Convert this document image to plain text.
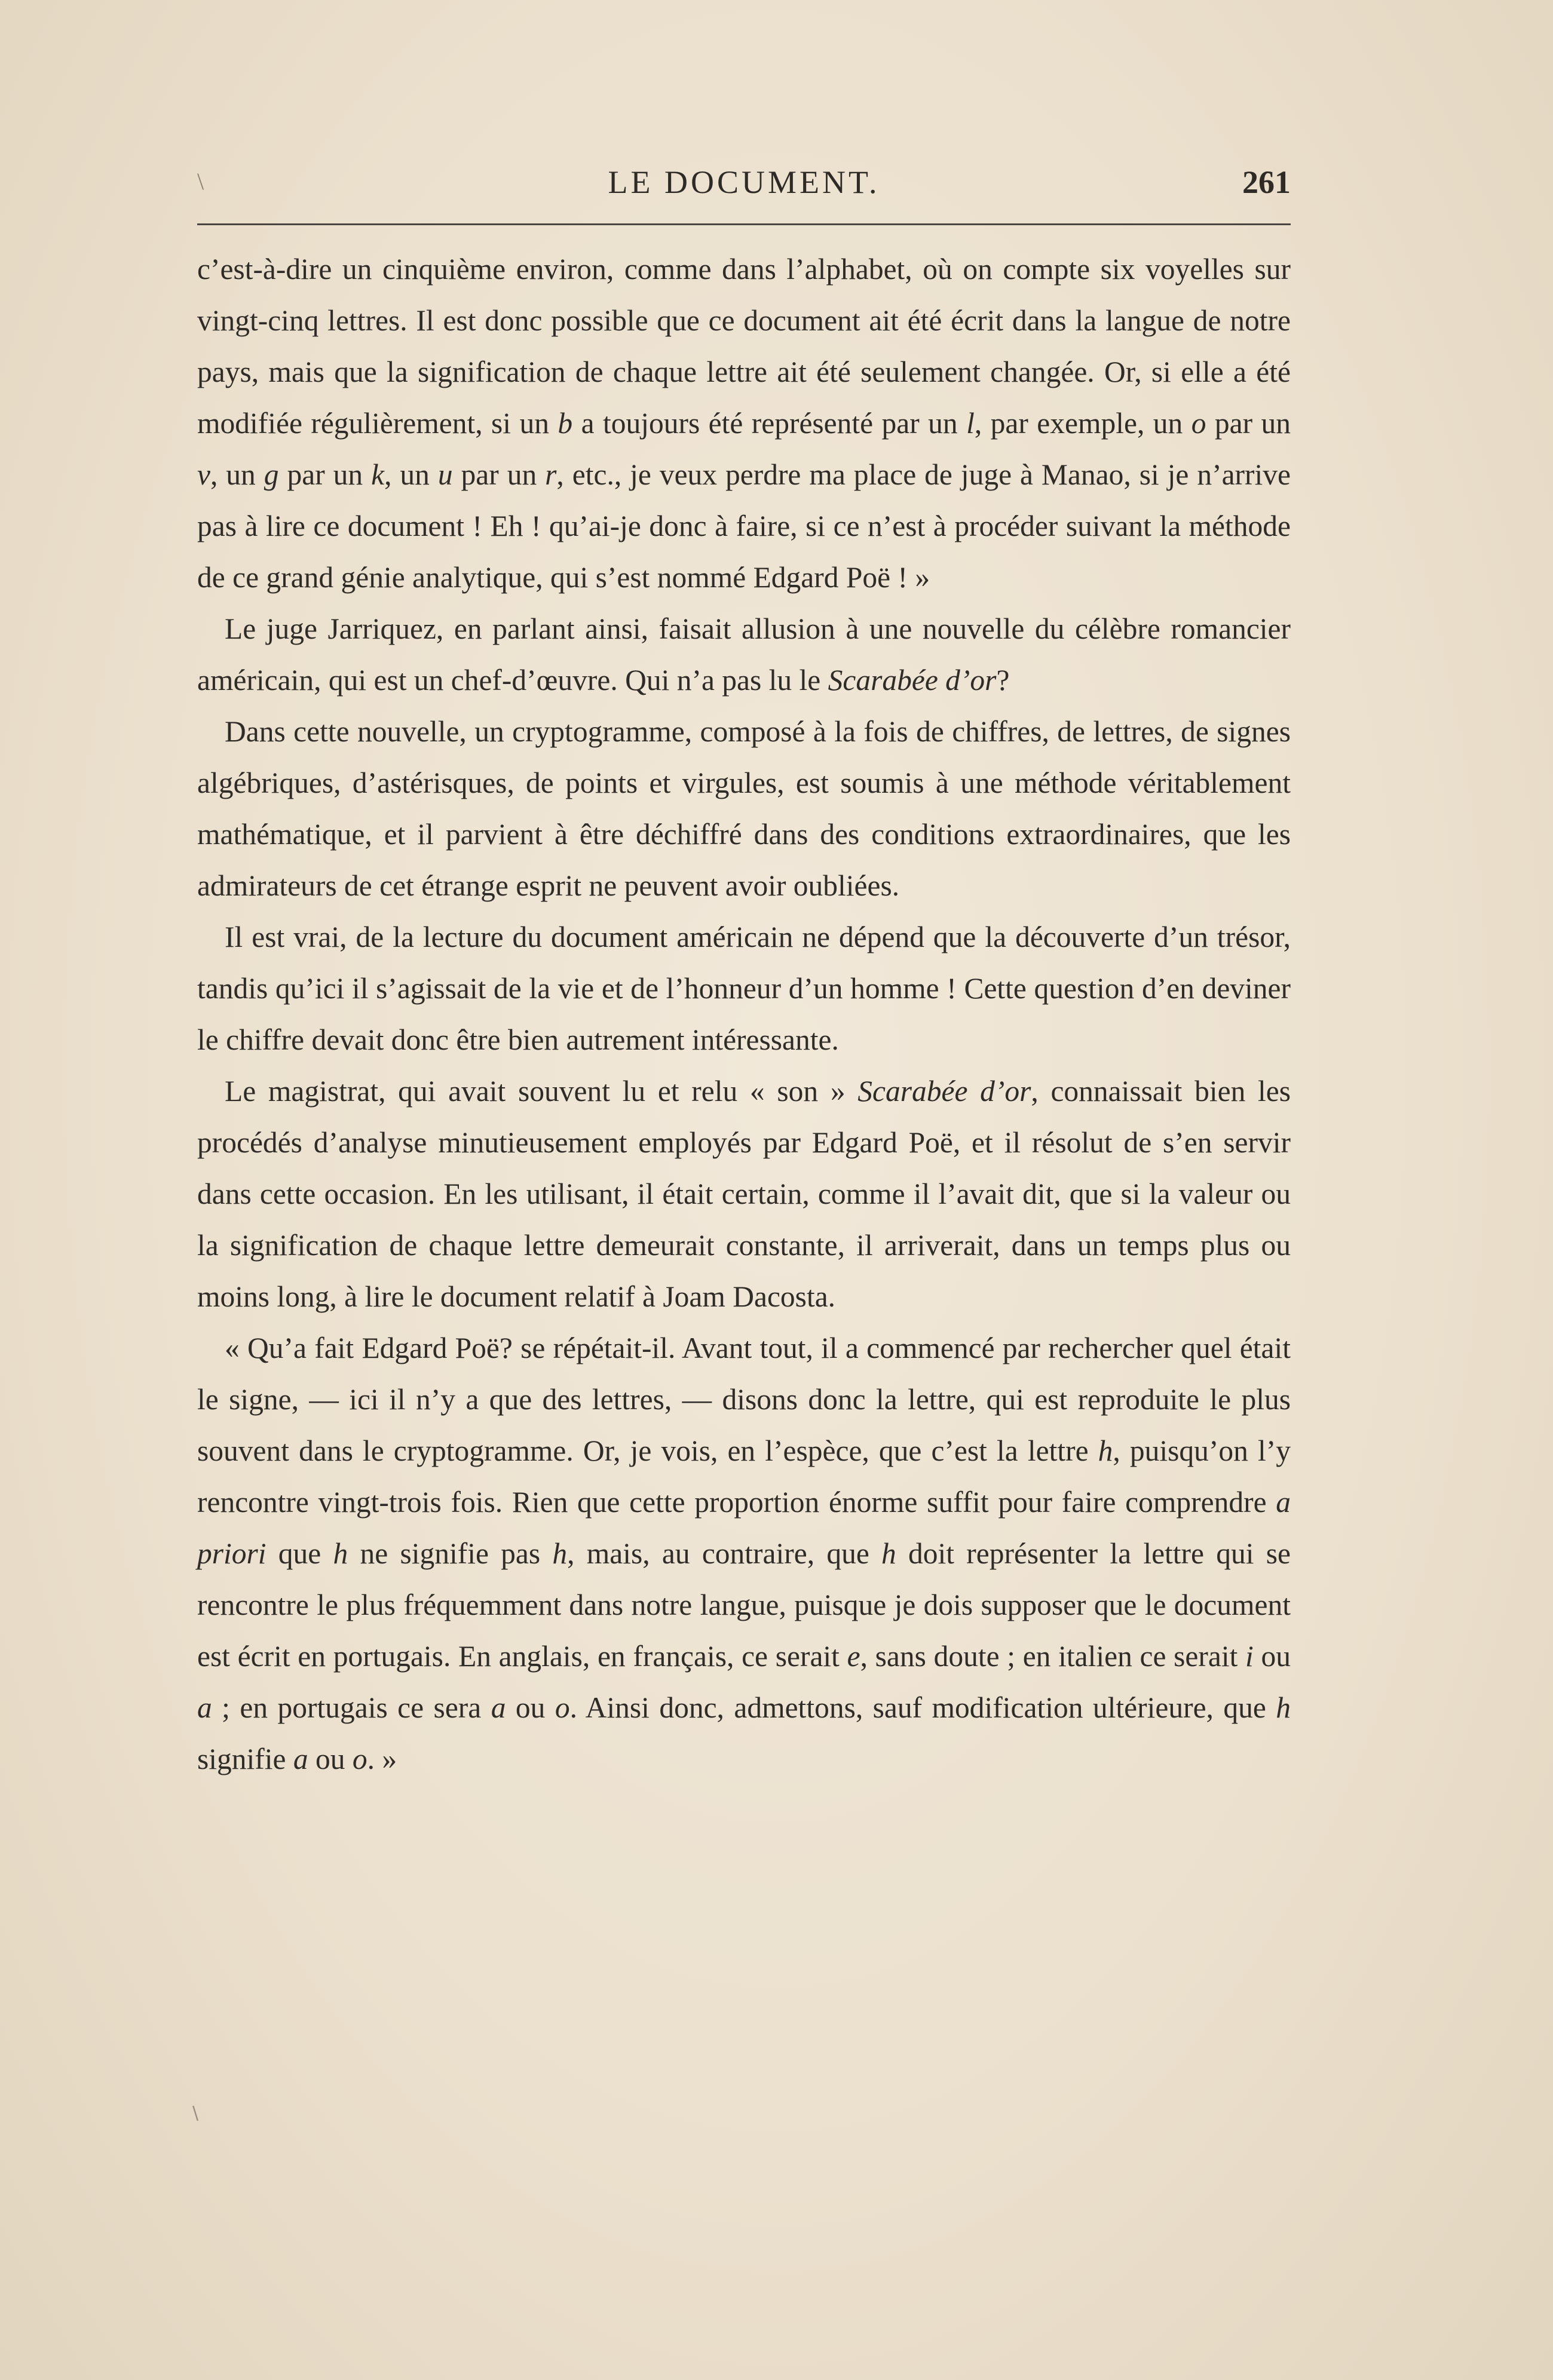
\	LE DOCUMENT.	261

c’est-à-dire un cinquième environ, comme dans l’alphabet, où on compte six voyelles sur vingt-cinq lettres. Il est donc possible que ce document ait été écrit dans la langue de notre pays, mais que la signification de chaque lettre ait été seulement changée. Or, si elle a été modifiée régulièrement, si un b a toujours été représenté par un l, par exemple, un o par un v, un g par un k, un u par un r, etc., je veux perdre ma place de juge à Manao, si je n’arrive pas à lire ce document ! Eh ! qu’ai-je donc à faire, si ce n’est à procéder suivant la méthode de ce grand génie analytique, qui s’est nommé Edgard Poë ! »

Le juge Jarriquez, en parlant ainsi, faisait allusion à une nouvelle du célèbre romancier américain, qui est un chef-d’œuvre. Qui n’a pas lu le Scarabée d’or?

Dans cette nouvelle, un cryptogramme, composé à la fois de chiffres, de lettres, de signes algébriques, d’astérisques, de points et virgules, est soumis à une méthode véritablement mathématique, et il parvient à être déchiffré dans des conditions extraordinaires, que les admirateurs de cet étrange esprit ne peuvent avoir oubliées.

Il est vrai, de la lecture du document américain ne dépend que la découverte d’un trésor, tandis qu’ici il s’agissait de la vie et de l’honneur d’un homme ! Cette question d’en deviner le chiffre devait donc être bien autrement intéressante.

Le magistrat, qui avait souvent lu et relu « son » Scarabée d’or, connaissait bien les procédés d’analyse minutieusement employés par Edgard Poë, et il résolut de s’en servir dans cette occasion. En les utilisant, il était certain, comme il l’avait dit, que si la valeur ou la signification de chaque lettre demeurait constante, il arriverait, dans un temps plus ou moins long, à lire le document relatif à Joam Dacosta.

« Qu’a fait Edgard Poë? se répétait-il. Avant tout, il a commencé par rechercher quel était le signe, — ici il n’y a que des lettres, — disons donc la lettre, qui est reproduite le plus souvent dans le cryptogramme. Or, je vois, en l’espèce, que c’est la lettre h, puisqu’on l’y rencontre vingt-trois fois. Rien que cette proportion énorme suffit pour faire comprendre a priori que h ne signifie pas h, mais, au contraire, que h doit représenter la lettre qui se rencontre le plus fréquemment dans notre langue, puisque je dois supposer que le document est écrit en portugais. En anglais, en français, ce serait e, sans doute ; en italien ce serait i ou a ; en portugais ce sera a ou o. Ainsi donc, admettons, sauf modification ultérieure, que h signifie a ou o. »

\
